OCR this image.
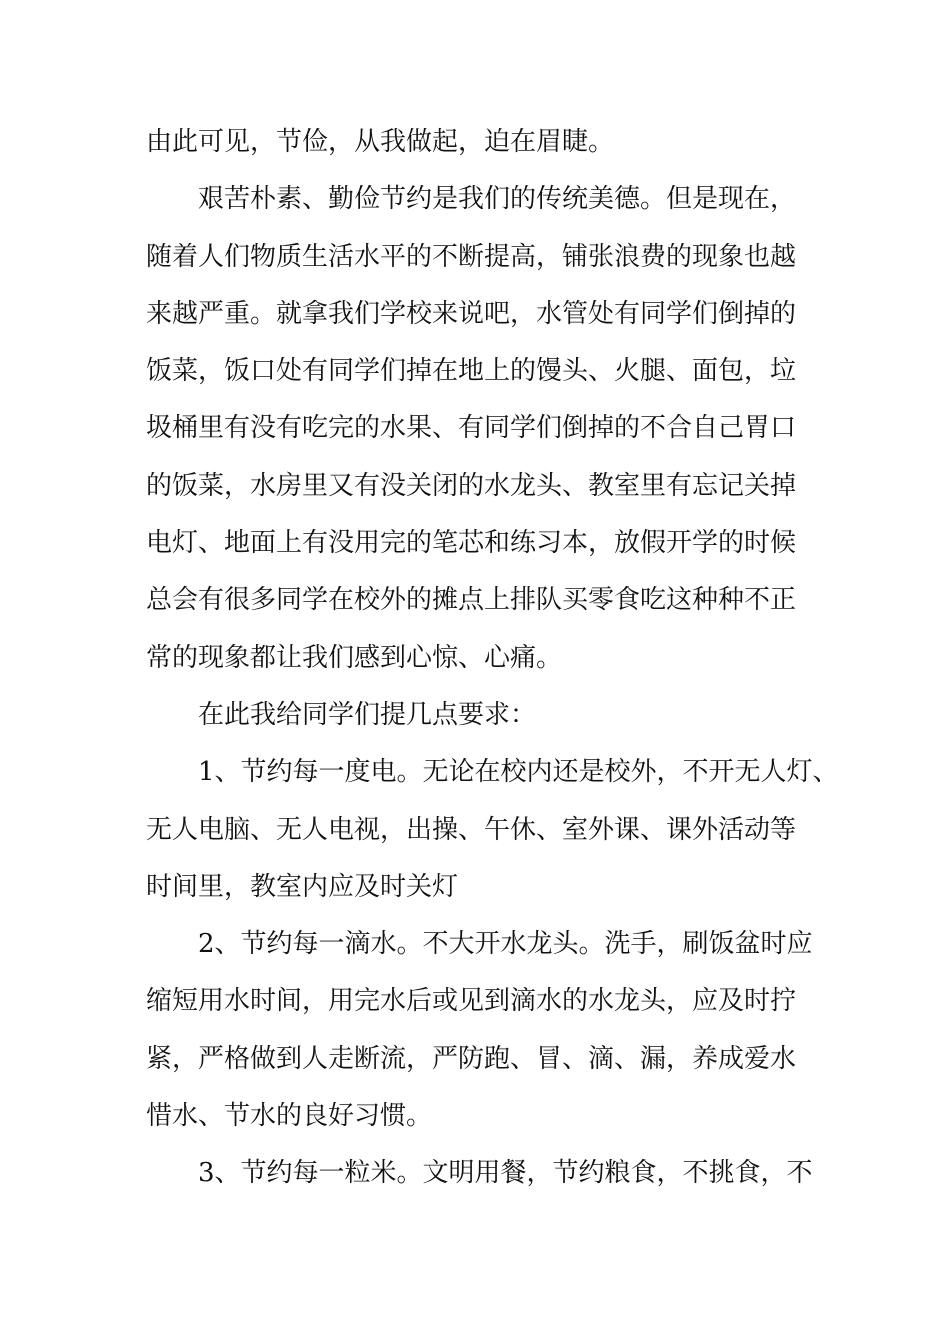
由此可见，节俭，从我做起，迫在眉睫。
艰苦朴素、勤俭节约是我们的传统美德。但是现在，
随着人们物质生活水平的不断提高，铺张浪费的现象也越
来越严重。就拿我们学校来说吧，水管处有同学们倒掉的
饭菜，饭口处有同学们掉在地上的馒头、火腿、面包，垃
圾桶里有没有吃完的水果、有同学们倒掉的不合自己胃口
的饭菜，水房里又有没关闭的水龙头、教室里有忘记关掉
电灯、地面上有没用完的笔芯和练习本，放假开学的时候
总会有很多同学在校外的摊点上排队买零食吃这种种不正
常的现象都让我们感到心惊、心痛。
在此我给同学们提几点要求：
1、节约每一度电。无论在校内还是校外，不开无人灯、
无人电脑、无人电视，出操、午休、室外课、课外活动等
时间里，教室内应及时关灯
2、节约每一滴水。不大开水龙头。洗手，刷饭盆时应
缩短用水时间，用完水后或见到滴水的水龙头，应及时拧
紧，严格做到人走断流，严防跑、冒、滴、漏，养成爱水
惜水、节水的良好习惯。
3、节约每一粒米。文明用餐，节约粮食，不挑食，不
